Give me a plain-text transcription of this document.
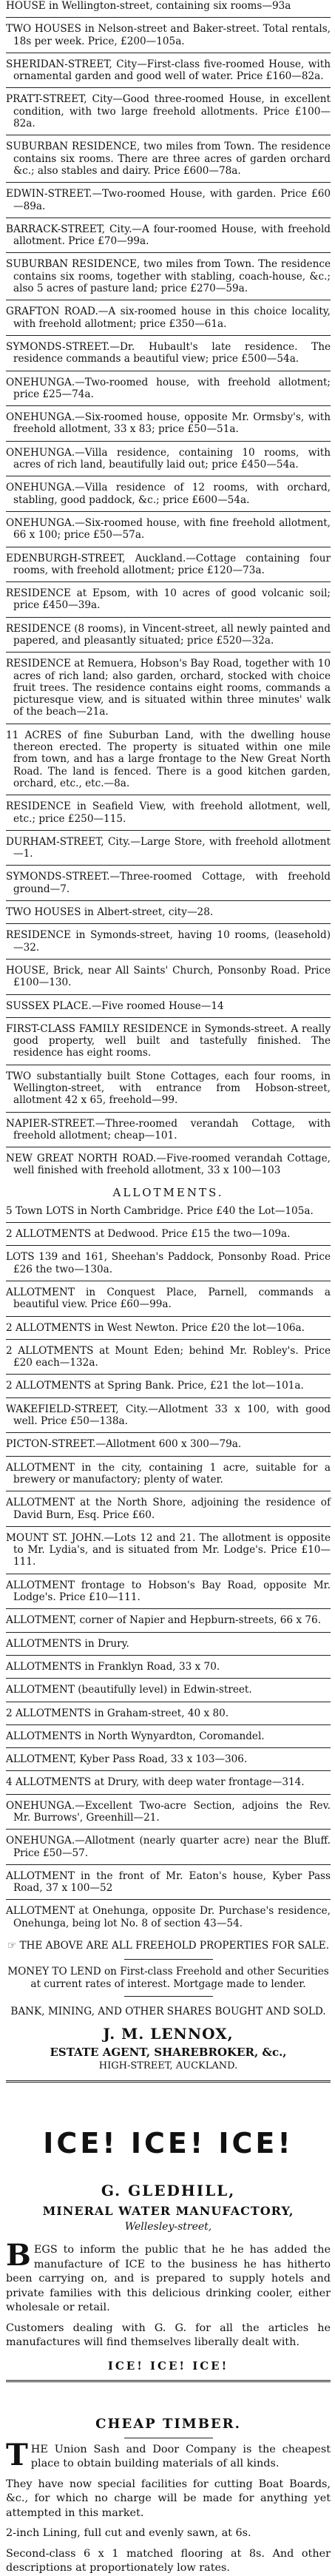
HOUSE in Wellington-street, containing six rooms—93a

TWO HOUSES in Nelson-street and Baker-street. Total rentals, 18s per week. Price, £200—105a.

SHERIDAN-STREET, City—First-class five-roomed House, with ornamental garden and good well of water. Price £160—82a.

PRATT-STREET, City—Good three-roomed House, in excellent condition, with two large freehold allotments. Price £100—82a.

SUBURBAN RESIDENCE, two miles from Town. The residence contains six rooms. There are three acres of garden orchard &c.; also stables and dairy. Price £600—78a.

EDWIN-STREET.—Two-roomed House, with garden. Price £60—89a.

BARRACK-STREET, City.—A four-roomed House, with freehold allotment. Price £70—99a.

SUBURBAN RESIDENCE, two miles from Town. The residence contains six rooms, together with stabling, coach-house, &c.; also 5 acres of pasture land; price £270—59a.

GRAFTON ROAD.—A six-roomed house in this choice locality, with freehold allotment; price £350—61a.

SYMONDS-STREET.—Dr. Hubault's late residence. The residence commands a beautiful view; price £500—54a.

ONEHUNGA.—Two-roomed house, with freehold allotment; price £25—74a.

ONEHUNGA.—Six-roomed house, opposite Mr. Ormsby's, with freehold allotment, 33 x 83; price £50—51a.

ONEHUNGA.—Villa residence, containing 10 rooms, with acres of rich land, beautifully laid out; price £450—54a.

ONEHUNGA.—Villa residence of 12 rooms, with orchard, stabling, good paddock, &c.; price £600—54a.

ONEHUNGA.—Six-roomed house, with fine freehold allotment, 66 x 100; price £50—57a.

EDENBURGH-STREET, Auckland.—Cottage containing four rooms, with freehold allotment; price £120—73a.

RESIDENCE at Epsom, with 10 acres of good volcanic soil; price £450—39a.

RESIDENCE (8 rooms), in Vincent-street, all newly painted and papered, and pleasantly situated; price £520—32a.

RESIDENCE at Remuera, Hobson's Bay Road, together with 10 acres of rich land; also garden, orchard, stocked with choice fruit trees. The residence contains eight rooms, commands a picturesque view, and is situated within three minutes' walk of the beach—21a.

11 ACRES of fine Suburban Land, with the dwelling house thereon erected. The property is situated within one mile from town, and has a large frontage to the New Great North Road. The land is fenced. There is a good kitchen garden, orchard, etc., etc.—8a.

RESIDENCE in Seafield View, with freehold allotment, well, etc.; price £250—115.

DURHAM-STREET, City.—Large Store, with freehold allotment—1.

SYMONDS-STREET.—Three-roomed Cottage, with freehold ground—7.

TWO HOUSES in Albert-street, city—28.

RESIDENCE in Symonds-street, having 10 rooms, (leasehold)—32.

HOUSE, Brick, near All Saints' Church, Ponsonby Road. Price £100—130.

SUSSEX PLACE.—Five roomed House—14

FIRST-CLASS FAMILY RESIDENCE in Symonds-street. A really good property, well built and tastefully finished. The residence has eight rooms.

TWO substantially built Stone Cottages, each four rooms, in Wellington-street, with entrance from Hobson-street, allotment 42 x 65, freehold—99.

NAPIER-STREET.—Three-roomed verandah Cottage, with freehold allotment; cheap—101.

NEW GREAT NORTH ROAD.—Five-roomed verandah Cottage, well finished with freehold allotment, 33 x 100—103

ALLOTMENTS.

5 Town LOTS in North Cambridge. Price £40 the Lot—105a.

2 ALLOTMENTS at Dedwood. Price £15 the two—109a.

LOTS 139 and 161, Sheehan's Paddock, Ponsonby Road. Price £26 the two—130a.

ALLOTMENT in Conquest Place, Parnell, commands a beautiful view. Price £60—99a.

2 ALLOTMENTS in West Newton. Price £20 the lot—106a.

2 ALLOTMENTS at Mount Eden; behind Mr. Robley's. Price £20 each—132a.

2 ALLOTMENTS at Spring Bank. Price, £21 the lot—101a.

WAKEFIELD-STREET, City.—Allotment 33 x 100, with good well. Price £50—138a.

PICTON-STREET.—Allotment 600 x 300—79a.

ALLOTMENT in the city, containing 1 acre, suitable for a brewery or manufactory; plenty of water.

ALLOTMENT at the North Shore, adjoining the residence of David Burn, Esq. Price £60.

MOUNT ST. JOHN.—Lots 12 and 21. The allotment is opposite to Mr. Lydia's, and is situated from Mr. Lodge's. Price £10—111.

ALLOTMENT frontage to Hobson's Bay Road, opposite Mr. Lodge's. Price £10—111.

ALLOTMENT, corner of Napier and Hepburn-streets, 66 x 76.

ALLOTMENTS in Drury.

ALLOTMENTS in Franklyn Road, 33 x 70.

ALLOTMENT (beautifully level) in Edwin-street.

2 ALLOTMENTS in Graham-street, 40 x 80.

ALLOTMENTS in North Wynyardton, Coromandel.

ALLOTMENT, Kyber Pass Road, 33 x 103—306.

4 ALLOTMENTS at Drury, with deep water frontage—314.

ONEHUNGA.—Excellent Two-acre Section, adjoins the Rev. Mr. Burrows', Greenhill—21.

ONEHUNGA.—Allotment (nearly quarter acre) near the Bluff. Price £50—57.

ALLOTMENT in the front of Mr. Eaton's house, Kyber Pass Road, 37 x 100—52

ALLOTMENT at Onehunga, opposite Dr. Purchase's residence, Onehunga, being lot No. 8 of section 43—54.

☞ THE ABOVE ARE ALL FREEHOLD PROPERTIES FOR SALE.

MONEY TO LEND on First-class Freehold and other Securities at current rates of interest. Mortgage made to lender.

BANK, MINING, AND OTHER SHARES BOUGHT AND SOLD.

J. M. LENNOX,
ESTATE AGENT, SHAREBROKER, &c.,
HIGH-STREET, AUCKLAND.
ICE! ICE! ICE!
G. GLEDHILL,
MINERAL WATER MANUFACTORY,
Wellesley-street,

BEGS to inform the public that he he has added the manufacture of ICE to the business he has hitherto been carrying on, and is prepared to supply hotels and private families with this delicious drinking cooler, either wholesale or retail.

Customers dealing with G. G. for all the articles he manufactures will find themselves liberally dealt with.

ICE! ICE! ICE!
CHEAP TIMBER.

THE Union Sash and Door Company is the cheapest place to obtain building materials of all kinds.

They have now special facilities for cutting Boat Boards, &c., for which no charge will be made for anything yet attempted in this market.

2-inch Lining, full cut and evenly sawn, at 6s.

Second-class 6 x 1 matched flooring at 8s. And other descriptions at proportionately low rates.
